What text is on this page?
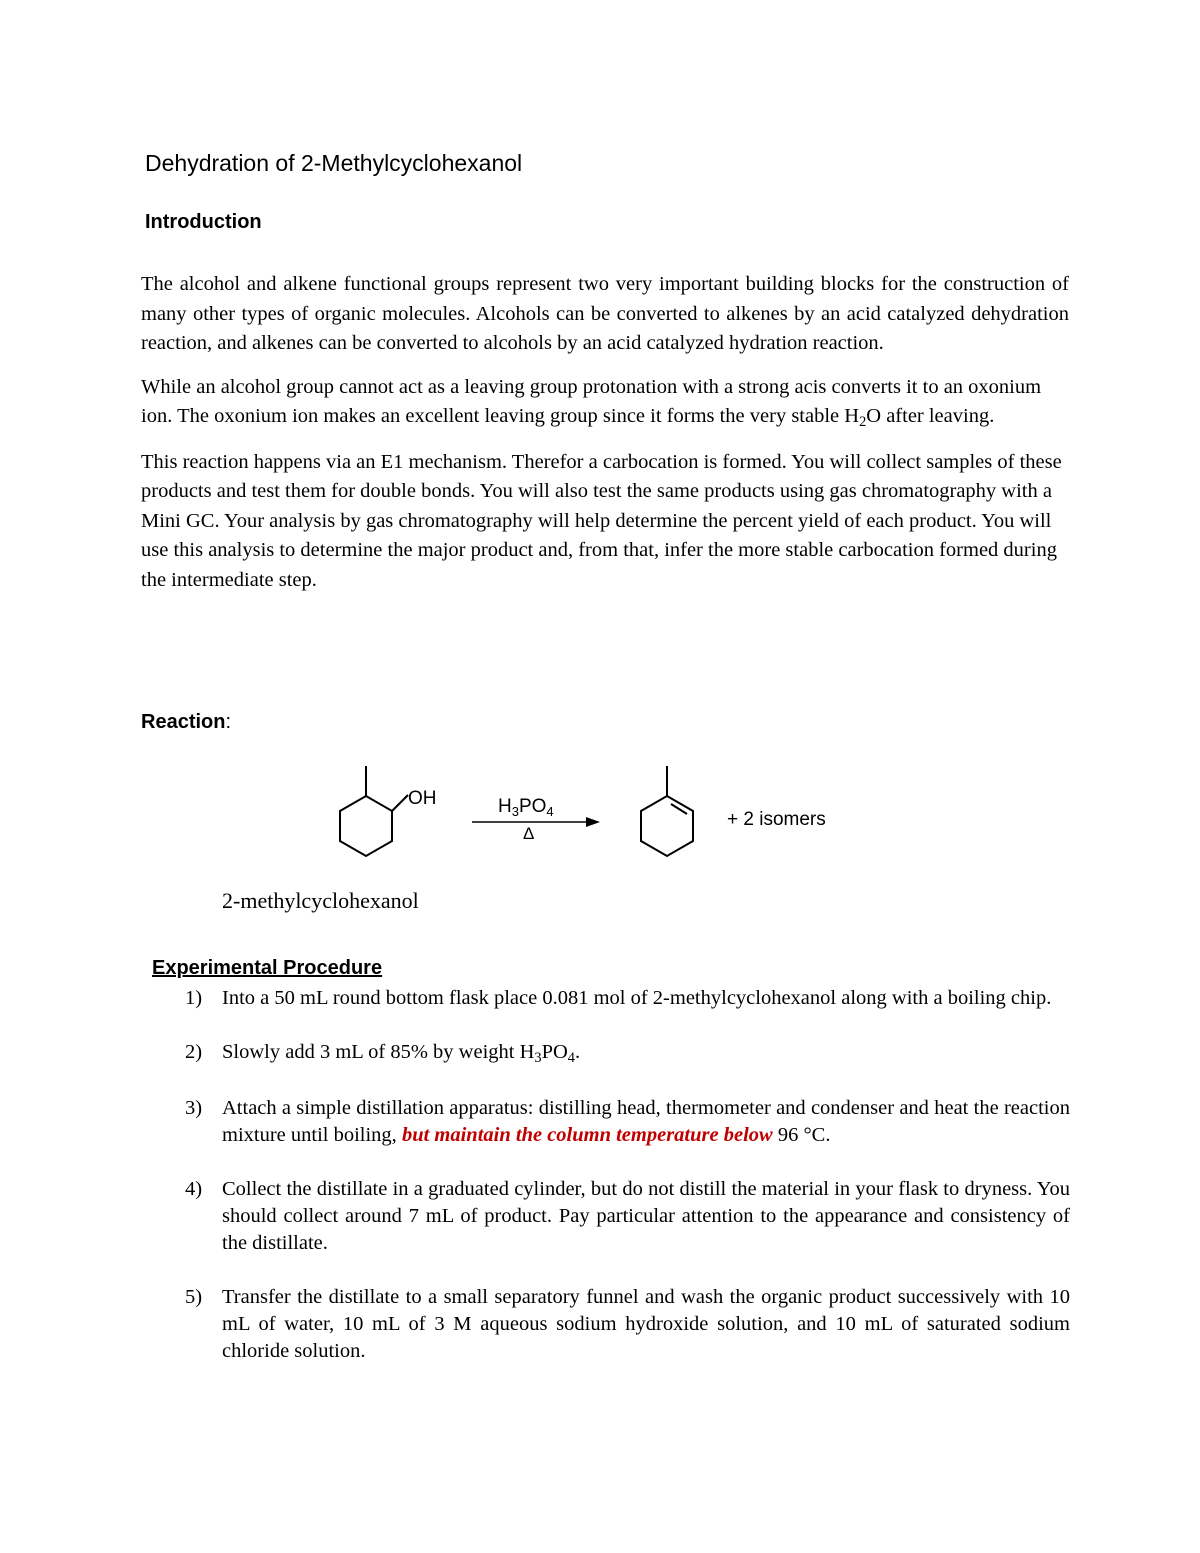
Dehydration of 2-Methylcyclohexanol
Introduction

The alcohol and alkene functional groups represent two very important building blocks for the construction of many other types of organic molecules. Alcohols can be converted to alkenes by an acid catalyzed dehydration reaction, and alkenes can be converted to alcohols by an acid catalyzed hydration reaction.

While an alcohol group cannot act as a leaving group protonation with a strong acis converts it to an oxonium ion. The oxonium ion makes an excellent leaving group since it forms the very stable $H_2O$ after leaving.

This reaction happens via an E1 mechanism. Therefor a carbocation is formed. You will collect samples of these products and test them for double bonds. You will also test the same products using gas chromatography with a Mini GC. Your analysis by gas chromatography will help determine the percent yield of each product. You will use this analysis to determine the major product and, from that, infer the more stable carbocation formed during the intermediate step.

Reaction:
OH	$H_3PO_4$
Δ
+ 2 isomers
2-methylcyclohexanol
Experimental Procedure
1) Into a 50 mL round bottom flask place 0.081 mol of 2-methylcyclohexanol along with a boiling chip.
2) Slowly add 3 mL of 85% by weight $H_3PO_4$.
3) Attach a simple distillation apparatus: distilling head, thermometer and condenser and heat the reaction mixture until boiling, but maintain the column temperature below 96 °C.
4) Collect the distillate in a graduated cylinder, but do not distill the material in your flask to dryness. You should collect around 7 mL of product. Pay particular attention to the appearance and consistency of the distillate.
5) Transfer the distillate to a small separatory funnel and wash the organic product successively with 10 mL of water, 10 mL of 3 M aqueous sodium hydroxide solution, and 10 mL of saturated sodium chloride solution.
